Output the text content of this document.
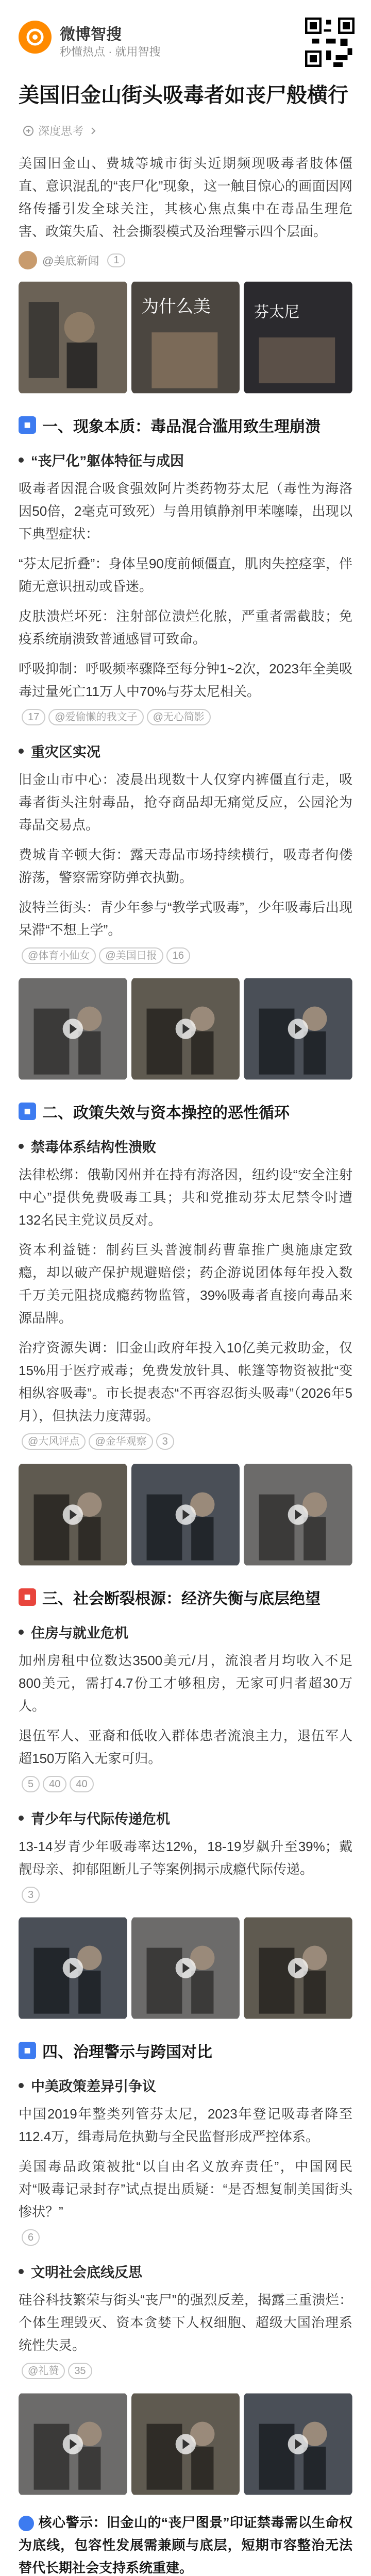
微博智搜
秒懂热点 · 就用智搜
美国旧金山街头吸毒者如丧尸般横行
深度思考

美国旧金山、费城等城市街头近期频现吸毒者肢体僵直、意识混乱的“丧尸化”现象，这一触目惊心的画面因网络传播引发全球关注，其核心焦点集中在毒品生理危害、政策失盾、社会撕裂模式及治理警示四个层面。

@美底新闻	1
为什么美	芬太尼
■ 一、现象本质：毒品混合滥用致生理崩溃
“丧尸化”躯体特征与成因

吸毒者因混合吸食强效阿片类药物芬太尼（毒性为海洛因50倍，2毫克可致死）与兽用镇静剂甲苯噻嗪，出现以下典型症状：

“芬太尼折叠”：身体呈90度前倾僵直，肌肉失控痉挛，伴随无意识扭动或昏迷。

皮肤溃烂坏死：注射部位溃烂化脓，严重者需截肢；免疫系统崩溃致普通感冒可致命。

呼吸抑制：呼吸频率骤降至每分钟1~2次，2023年全美吸毒过量死亡11万人中70%与芬太尼相关。

17 @爱偷懒的我文子 @无心简影
重灾区实况

旧金山市中心：凌晨出现数十人仅穿内裤僵直行走，吸毒者街头注射毒品，抢夺商品却无痛觉反应，公园沦为毒品交易点。

费城肯辛顿大街：露天毒品市场持续横行，吸毒者佝偻游荡，警察需穿防弹衣执勤。

波特兰街头：青少年参与“教学式吸毒”，少年吸毒后出现呆滞“不想上学”。

@体育小仙女 @美国日报 16
■ 二、政策失效与资本操控的恶性循环
禁毒体系结构性溃败

法律松绑：俄勒冈州并在持有海洛因，纽约设“安全注射中心”提供免费吸毒工具；共和党推动芬太尼禁令时遭132名民主党议员反对。

资本利益链：制药巨头普渡制药曹靠推广奥施康定致瘾，却以破产保护规避赔偿；药企游说团体每年投入数千万美元阻挠成瘾药物监管，39%吸毒者直接向毒品来源品牌。

治疗资源失调：旧金山政府年投入10亿美元救助金，仅15%用于医疗戒毒；免费发放针具、帐篷等物资被批“变相纵容吸毒”。市长提表态“不再容忍街头吸毒”（2026年5月），但执法力度薄弱。

@大风评点 @金华观察 3
■ 三、社会断裂根源：经济失衡与底层绝望
住房与就业危机

加州房租中位数达3500美元/月，流浪者月均收入不足800美元，需打4.7份工才够租房，无家可归者超30万人。

退伍军人、亚裔和低收入群体患者流浪主力，退伍军人超150万陷入无家可归。

5 40 40
青少年与代际传递危机

13-14岁青少年吸毒率达12%，18-19岁飙升至39%；戴靓母亲、抑郁阻断儿子等案例揭示成瘾代际传递。

3
■ 四、治理警示与跨国对比
中美政策差异引争议

中国2019年整类列管芬太尼，2023年登记吸毒者降至112.4万，缉毒局危执勤与全民监督形成严控体系。

美国毒品政策被批“以自由名义放弃责任”，中国网民对“吸毒记录封存”试点提出质疑：“是否想复制美国街头惨状？”

6
文明社会底线反思

硅谷科技繁荣与街头“丧尸”的强烈反差，揭露三重溃烂：个体生理毁灭、资本贪婪下人权细胞、超级大国治理系统性失灵。

@礼赞 35
核心警示：旧金山的“丧尸图景”印证禁毒需以生命权为底线，包容性发展需兼顾与底层，短期市容整治无法替代长期社会支持系统重建。
